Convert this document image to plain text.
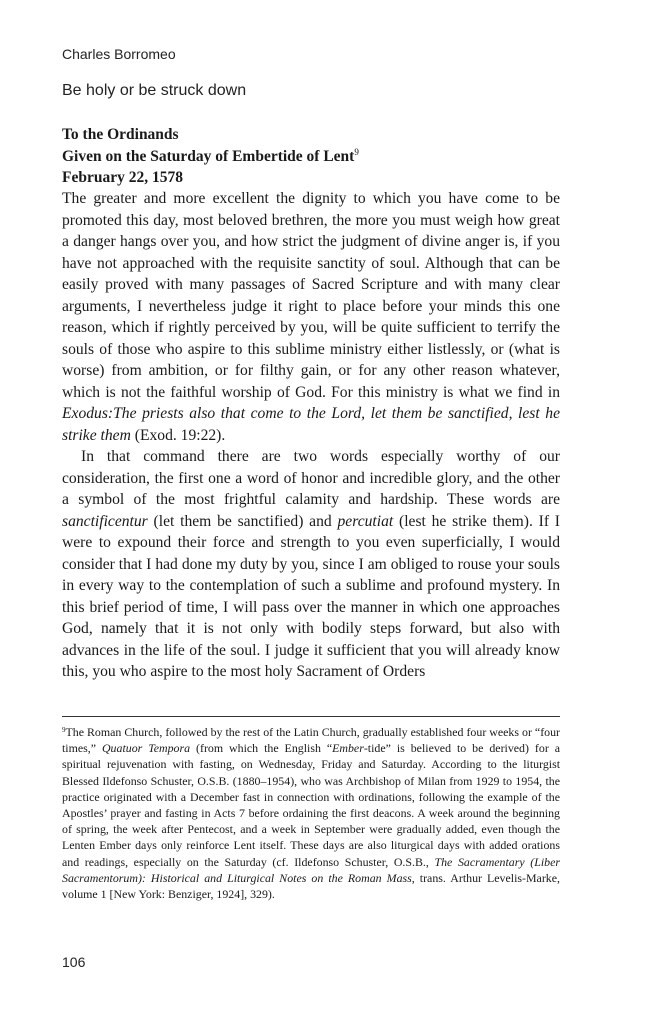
Charles Borromeo
Be holy or be struck down
To the Ordinands
Given on the Saturday of Embertide of Lent$^9$
February 22, 1578

The greater and more excellent the dignity to which you have come to be promoted this day, most beloved brethren, the more you must weigh how great a danger hangs over you, and how strict the judgment of divine anger is, if you have not approached with the requisite sanctity of soul. Although that can be easily proved with many passages of Sacred Scripture and with many clear arguments, I nevertheless judge it right to place before your minds this one reason, which if rightly perceived by you, will be quite sufficient to terrify the souls of those who aspire to this sublime ministry either listlessly, or (what is worse) from ambition, or for filthy gain, or for any other reason whatever, which is not the faithful worship of God. For this ministry is what we find in Exodus:The priests also that come to the Lord, let them be sanctified, lest he strike them (Exod. 19:22).

In that command there are two words especially worthy of our consideration, the first one a word of honor and incredible glory, and the other a symbol of the most frightful calamity and hardship. These words are sanctificentur (let them be sanctified) and percutiat (lest he strike them). If I were to expound their force and strength to you even superficially, I would consider that I had done my duty by you, since I am obliged to rouse your souls in every way to the contemplation of such a sublime and profound mystery. In this brief period of time, I will pass over the manner in which one approaches God, namely that it is not only with bodily steps forward, but also with advances in the life of the soul. I judge it sufficient that you will already know this, you who aspire to the most holy Sacrament of Orders

$^9$The Roman Church, followed by the rest of the Latin Church, gradually established four weeks or “four times,” Quatuor Tempora (from which the English “Ember-tide” is believed to be derived) for a spiritual rejuvenation with fasting, on Wednesday, Friday and Saturday. According to the liturgist Blessed Ildefonso Schuster, O.S.B. (1880–1954), who was Archbishop of Milan from 1929 to 1954, the practice originated with a December fast in connection with ordinations, following the example of the Apostles’ prayer and fasting in Acts 7 before ordaining the first deacons. A week around the beginning of spring, the week after Pentecost, and a week in September were gradually added, even though the Lenten Ember days only reinforce Lent itself. These days are also liturgical days with added orations and readings, especially on the Saturday (cf. Ildefonso Schuster, O.S.B., The Sacramentary (Liber Sacramentorum): Historical and Liturgical Notes on the Roman Mass, trans. Arthur Levelis-Marke, volume 1 [New York: Benziger, 1924], 329).
106
